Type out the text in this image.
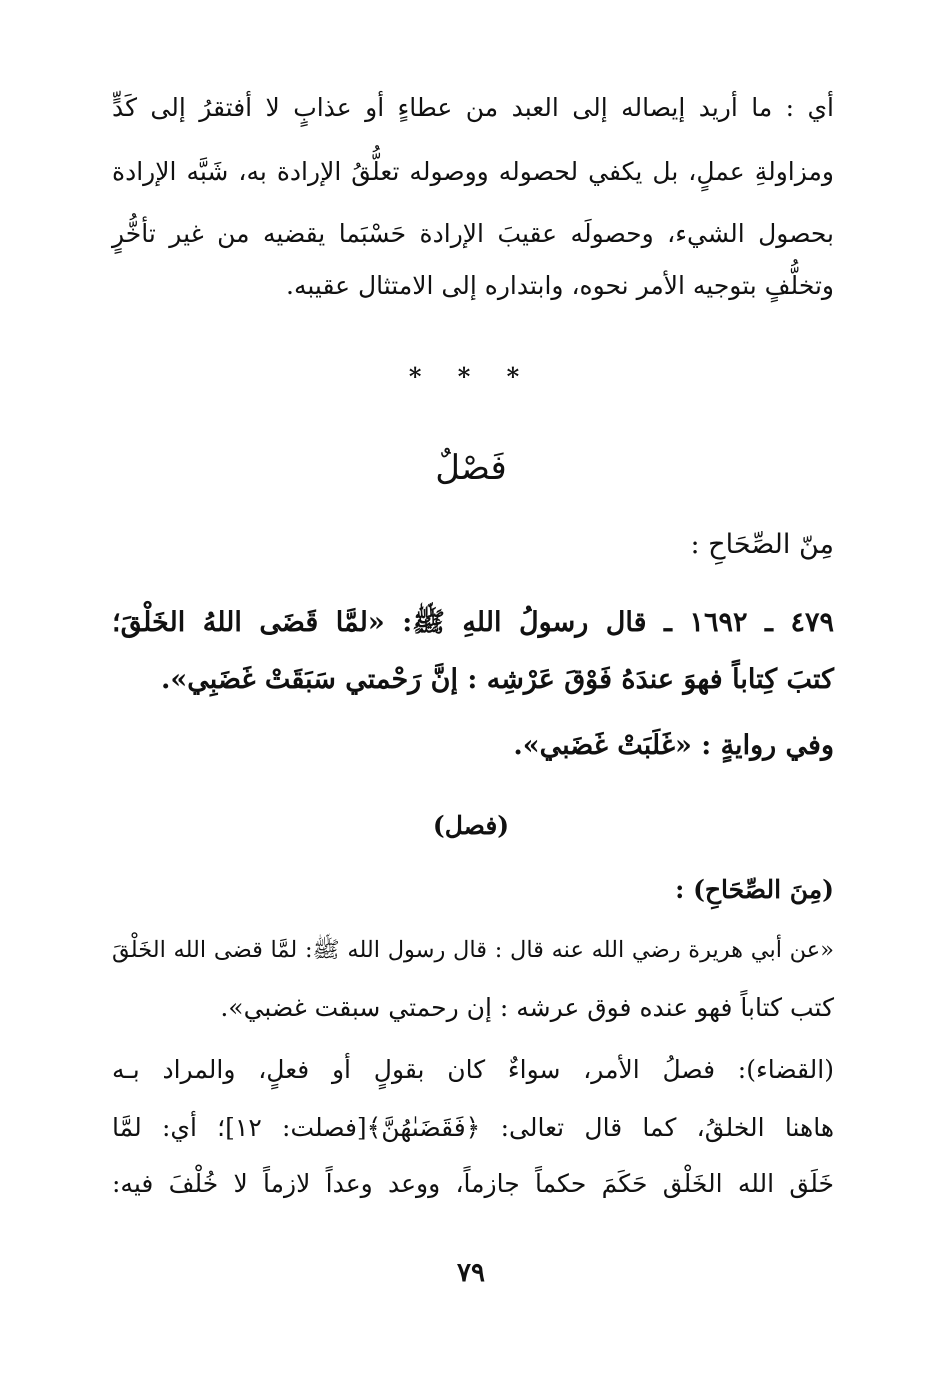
أي : ما أريد إيصاله إلى العبد من عطاءٍ أو عذابٍ لا أفتقرُ إلى كَدٍّ
ومزاولةِ عملٍ، بل يكفي لحصوله ووصوله تعلُّقُ الإرادة به، شَبَّه الإرادة
بحصول الشيء، وحصولَه عقيبَ الإرادة حَسْبَما يقضيه من غير تأخُّرٍ
وتخلُّفٍ بتوجيه الأمر نحوه، وابتداره إلى الامتثال عقيبه.
* * *
فَصْلٌ
مِنّ الصِّحَاحِ :
٤٧٩ ـ ١٦٩٢ ـ قال رسولُ اللهِ ﷺ: «لمَّا قَضَى اللهُ الخَلْقَ؛
كتبَ كِتاباً فهوَ عندَهُ فَوْقَ عَرْشِه : إنَّ رَحْمتي سَبَقَتْ غَضَبِي».
وفي روايةٍ : «غَلَبَتْ غَضَبي».
(فصل)
(مِنَ الصِّحَاحِ) :
«عن أبي هريرة رضي الله عنه قال : قال رسول الله ﷺ: لمَّا قضى الله الخَلْقَ
كتب كتاباً فهو عنده فوق عرشه : إن رحمتي سبقت غضبي».
(القضاء): فصلُ الأمر، سواءٌ كان بقولٍ أو فعلٍ، والمراد بـه
هاهنا الخلقُ، كما قال تعالى: ﴿فَقَضَىٰهُنَّ﴾[فصلت: ١٢]؛ أي: لمَّا
خَلَق الله الخَلْق حَكَمَ حكماً جازماً، ووعد وعداً لازماً لا خُلْفَ فيه:
٧٩
